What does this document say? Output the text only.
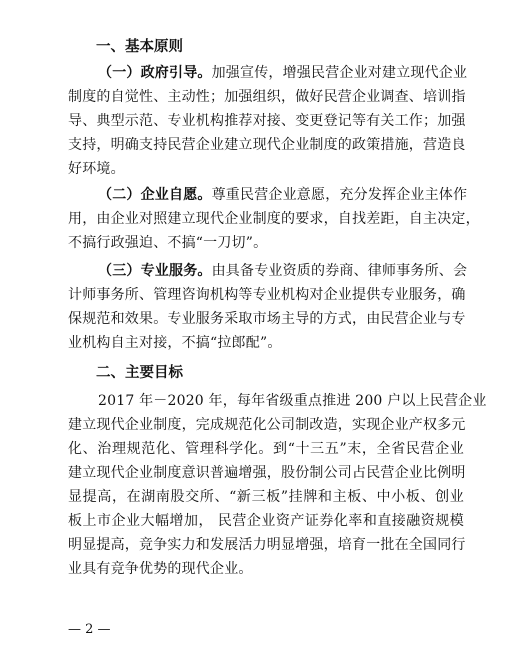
一、基本原则
（一）政府引导。加强宣传，增强民营企业对建立现代企业
制度的自觉性、主动性；加强组织，做好民营企业调查、培训指
导、典型示范、专业机构推荐对接、变更登记等有关工作；加强
支持，明确支持民营企业建立现代企业制度的政策措施，营造良
好环境。
（二）企业自愿。尊重民营企业意愿，充分发挥企业主体作
用，由企业对照建立现代企业制度的要求，自找差距，自主决定，
不搞行政强迫、不搞“一刀切”。
（三）专业服务。由具备专业资质的券商、律师事务所、会
计师事务所、管理咨询机构等专业机构对企业提供专业服务，确
保规范和效果。专业服务采取市场主导的方式，由民营企业与专
业机构自主对接，不搞“拉郎配”。
二、主要目标
2017 年－2020 年，每年省级重点推进 200 户以上民营企业
建立现代企业制度，完成规范化公司制改造，实现企业产权多元
化、治理规范化、管理科学化。到“十三五”末，全省民营企业
建立现代企业制度意识普遍增强，股份制公司占民营企业比例明
显提高，在湖南股交所、“新三板”挂牌和主板、中小板、创业
板上市企业大幅增加， 民营企业资产证券化率和直接融资规模
— 2 —
明显提高，竞争实力和发展活力明显增强，培育一批在全国同行
业具有竞争优势的现代企业。
